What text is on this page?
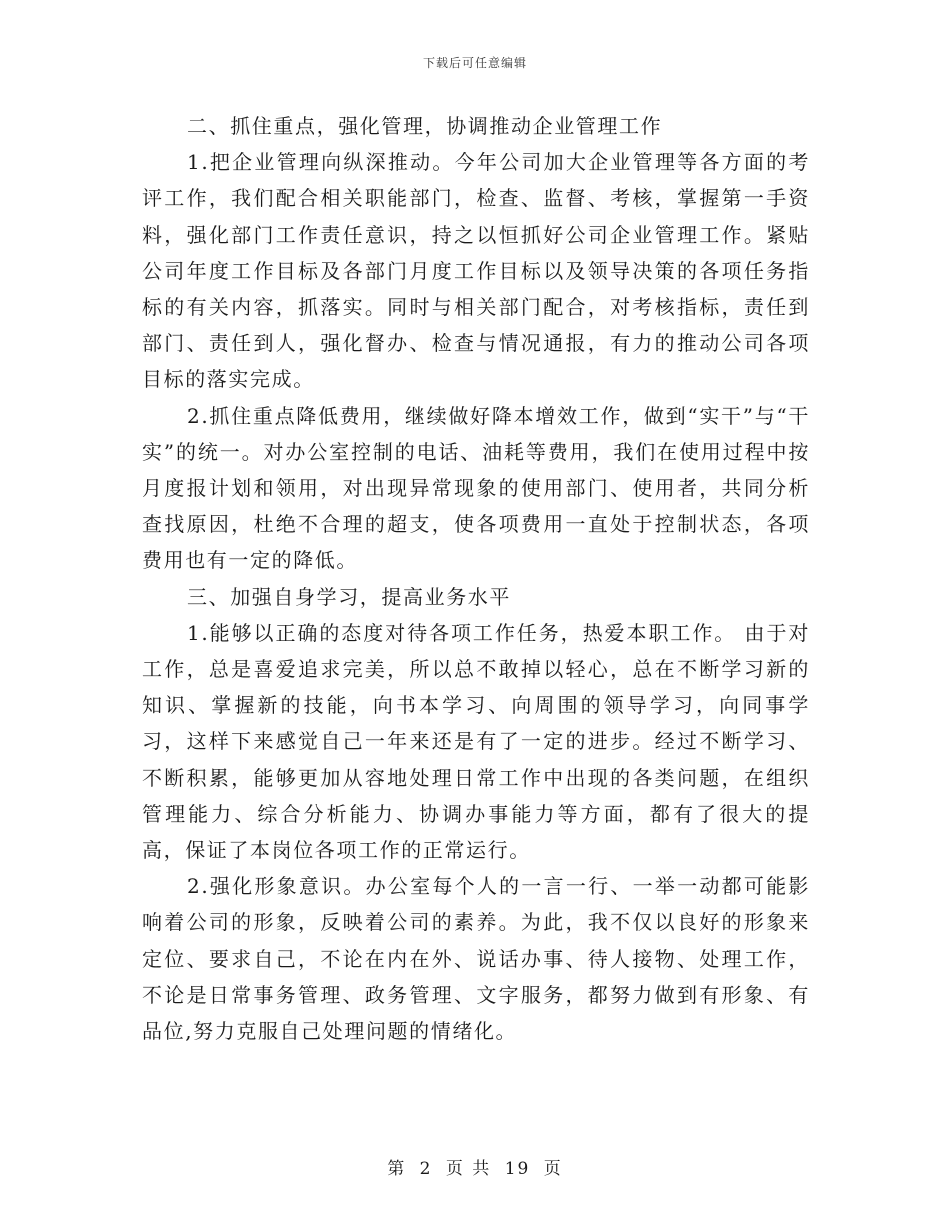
下载后可任意编辑

二、抓住重点，强化管理，协调推动企业管理工作

1.把企业管理向纵深推动。今年公司加大企业管理等各方面的考评工作，我们配合相关职能部门，检查、监督、考核，掌握第一手资料，强化部门工作责任意识，持之以恒抓好公司企业管理工作。紧贴公司年度工作目标及各部门月度工作目标以及领导决策的各项任务指标的有关内容，抓落实。同时与相关部门配合，对考核指标，责任到部门、责任到人，强化督办、检查与情况通报，有力的推动公司各项目标的落实完成。

2.抓住重点降低费用，继续做好降本增效工作，做到“实干”与“干实”的统一。对办公室控制的电话、油耗等费用，我们在使用过程中按月度报计划和领用，对出现异常现象的使用部门、使用者，共同分析查找原因，杜绝不合理的超支，使各项费用一直处于控制状态，各项费用也有一定的降低。

三、加强自身学习，提高业务水平

1.能够以正确的态度对待各项工作任务，热爱本职工作。 由于对工作，总是喜爱追求完美，所以总不敢掉以轻心，总在不断学习新的知识、掌握新的技能，向书本学习、向周围的领导学习，向同事学习，这样下来感觉自己一年来还是有了一定的进步。经过不断学习、不断积累，能够更加从容地处理日常工作中出现的各类问题，在组织管理能力、综合分析能力、协调办事能力等方面，都有了很大的提高，保证了本岗位各项工作的正常运行。

2.强化形象意识。办公室每个人的一言一行、一举一动都可能影响着公司的形象，反映着公司的素养。为此，我不仅以良好的形象来定位、要求自己，不论在内在外、说话办事、待人接物、处理工作，不论是日常事务管理、政务管理、文字服务，都努力做到有形象、有品位,努力克服自己处理问题的情绪化。

第 2 页 共 19 页
